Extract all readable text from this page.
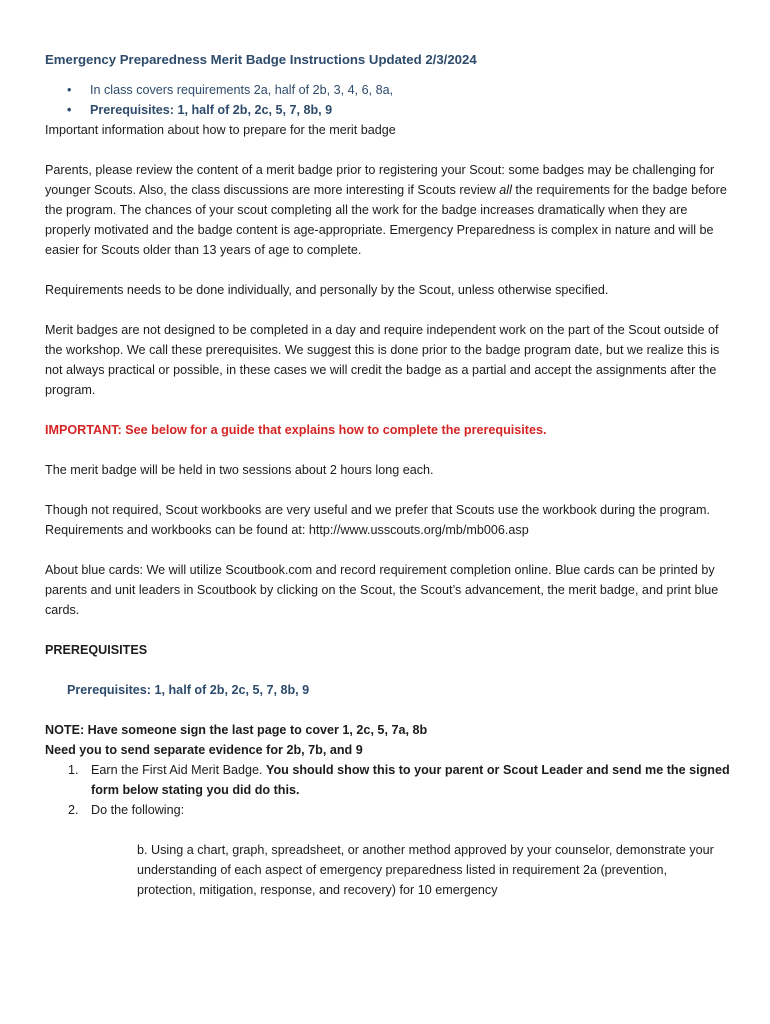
Emergency Preparedness Merit Badge Instructions Updated 2/3/2024
• In class covers requirements 2a, half of 2b, 3, 4, 6, 8a,
• Prerequisites: 1, half of 2b, 2c, 5, 7, 8b, 9

Important information about how to prepare for the merit badge

Parents, please review the content of a merit badge prior to registering your Scout: some badges may be challenging for younger Scouts. Also, the class discussions are more interesting if Scouts review all the requirements for the badge before the program. The chances of your scout completing all the work for the badge increases dramatically when they are properly motivated and the badge content is age-appropriate. Emergency Preparedness is complex in nature and will be easier for Scouts older than 13 years of age to complete.

Requirements needs to be done individually, and personally by the Scout, unless otherwise specified.

Merit badges are not designed to be completed in a day and require independent work on the part of the Scout outside of the workshop. We call these prerequisites. We suggest this is done prior to the badge program date, but we realize this is not always practical or possible, in these cases we will credit the badge as a partial and accept the assignments after the program.

IMPORTANT: See below for a guide that explains how to complete the prerequisites.

The merit badge will be held in two sessions about 2 hours long each.

Though not required, Scout workbooks are very useful and we prefer that Scouts use the workbook during the program. Requirements and workbooks can be found at: http://www.usscouts.org/mb/mb006.asp

About blue cards: We will utilize Scoutbook.com and record requirement completion online. Blue cards can be printed by parents and unit leaders in Scoutbook by clicking on the Scout, the Scout’s advancement, the merit badge, and print blue cards.

PREREQUISITES

Prerequisites: 1, half of 2b, 2c, 5, 7, 8b, 9

NOTE: Have someone sign the last page to cover 1, 2c, 5, 7a, 8b

Need you to send separate evidence for 2b, 7b, and 9

1. Earn the First Aid Merit Badge. You should show this to your parent or Scout Leader and send me the signed form below stating you did do this.
2. Do the following:

b. Using a chart, graph, spreadsheet, or another method approved by your counselor, demonstrate your understanding of each aspect of emergency preparedness listed in requirement 2a (prevention, protection, mitigation, response, and recovery) for 10 emergency
